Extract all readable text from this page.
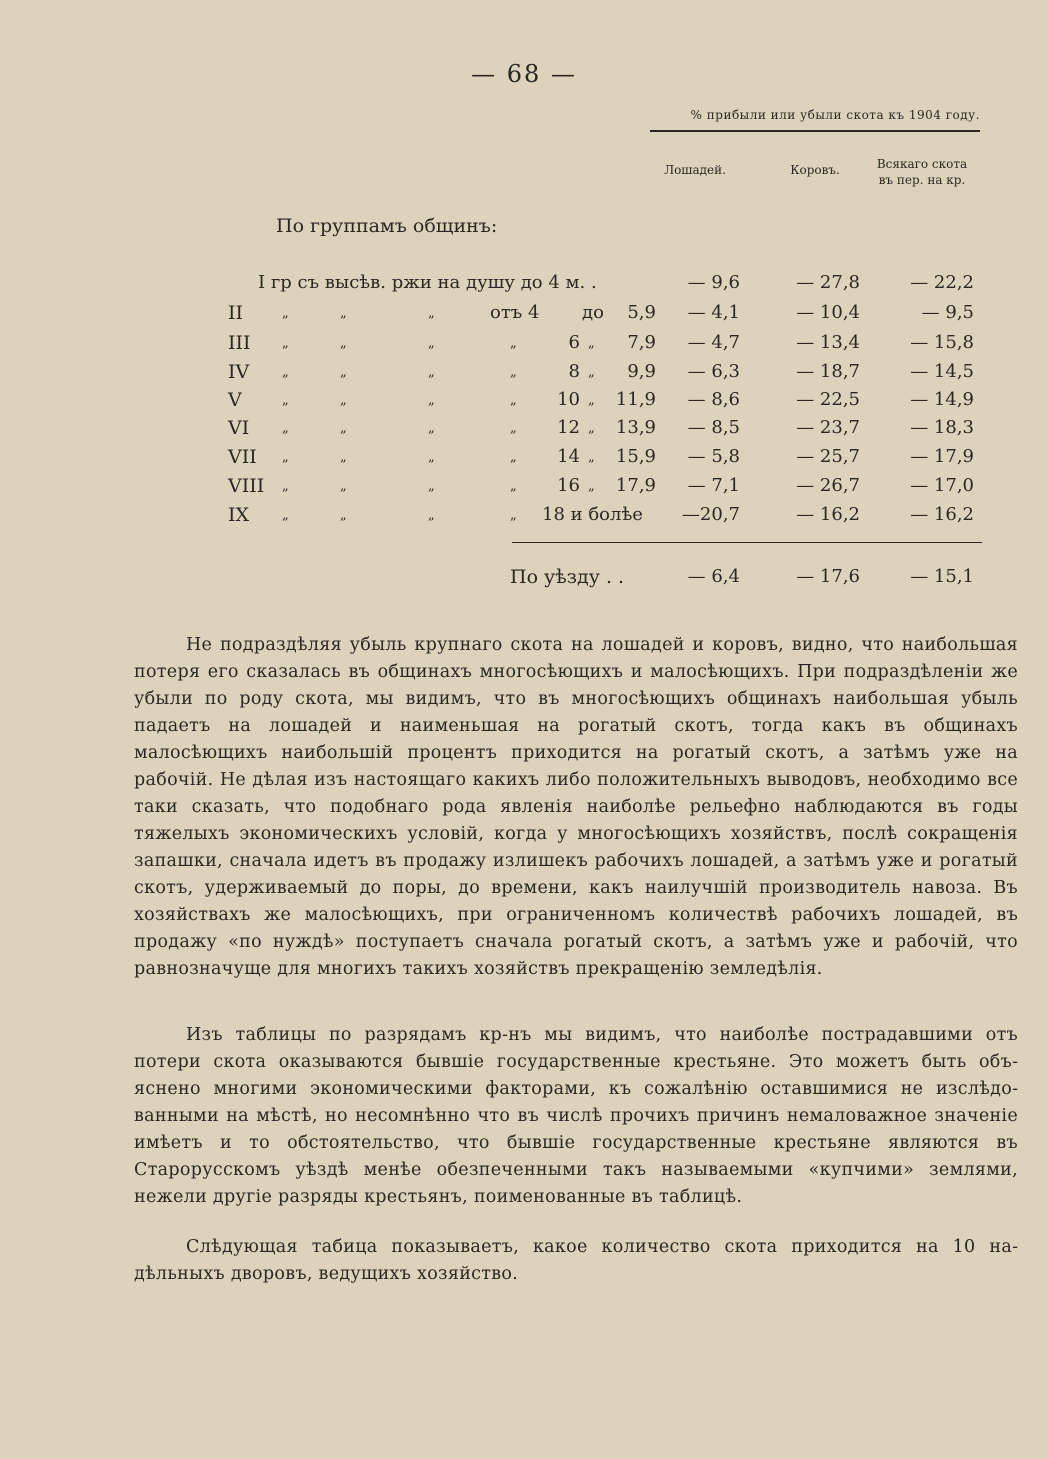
— 68 —
% прибыли или убыли скота къ 1904 году.
Лошадей.	Коровъ.	Всякаго скота
въ пер. на кр.
По группамъ общинъ:
I гр съ высѣв. ржи на душу до 4 м. .	— 9,6	— 27,8	— 22,2
II	„	„	„	отъ 4 до	5,9	— 4,1	— 10,4	— 9,5
III	„	„	„	„	6 „	7,9	— 4,7	— 13,4	— 15,8
IV	„	„	„	„	8 „	9,9	— 6,3	— 18,7	— 14,5
V	„	„	„	„	10 „	11,9	— 8,6	— 22,5	— 14,9
VI	„	„	„	„	12 „	13,9	— 8,5	— 23,7	— 18,3
VII	„	„	„	„	14 „	15,9	— 5,8	— 25,7	— 17,9
VIII „	„	„	„	16 „	17,9	— 7,1	— 26,7	— 17,0
IX	„	„	„	„ 18 и болѣе	—20,7	— 16,2	— 16,2
По уѣзду . .	— 6,4	— 17,6	— 15,1
Не подраздѣляя убыль крупнаго скота на лошадей и коровъ, видно, что наибольшая потеря его сказалась въ общинахъ многосѣющихъ и малосѣющихъ. При подраздѣленіи же убыли по роду скота, мы видимъ, что въ многосѣющихъ общинахъ наибольшая убыль падаетъ на лошадей и наименьшая на рогатый скотъ, тогда какъ въ общинахъ малосѣющихъ наибольшій процентъ приходится на рогатый скотъ, а затѣмъ уже на рабочій. Не дѣлая изъ настоящаго какихъ либо положительныхъ выводовъ, необходимо все таки сказать, что подобнаго рода явленія наиболѣе рельефно наблюдаются въ годы тяжелыхъ экономическихъ условій, когда у многосѣющихъ хозяйствъ, послѣ сокращенія запашки, сначала идетъ въ продажу излишекъ рабочихъ лошадей, а затѣмъ уже и рогатый скотъ, удерживаемый до поры, до времени, какъ наилучшій производитель навоза. Въ хозяйствахъ же малосѣющихъ, при ограниченномъ количествѣ рабочихъ лошадей, въ продажу «по нуждѣ» поступаетъ сначала рогатый скотъ, а затѣмъ уже и рабочій, что равнозначуще для многихъ такихъ хозяйствъ прекращенію земледѣлія.
Изъ таблицы по разрядамъ кр-нъ мы видимъ, что наиболѣе пострадавшими отъ потери скота оказываются бывшіе государственные крестьяне. Это можетъ быть объяснено многими экономическими факторами, къ сожалѣнію оставшимися не изслѣдованными на мѣстѣ, но несомнѣнно что въ числѣ прочихъ причинъ немаловажное значеніе имѣетъ и то обстоятельство, что бывшіе государственные крестьяне являются въ Старорусскомъ уѣздѣ менѣе обезпеченными такъ называемыми «купчими» землями, нежели другіе разряды крестьянъ, поименованные въ таблицѣ.
Слѣдующая табица показываетъ, какое количество скота приходится на 10 надѣльныхъ дворовъ, ведущихъ хозяйство.
